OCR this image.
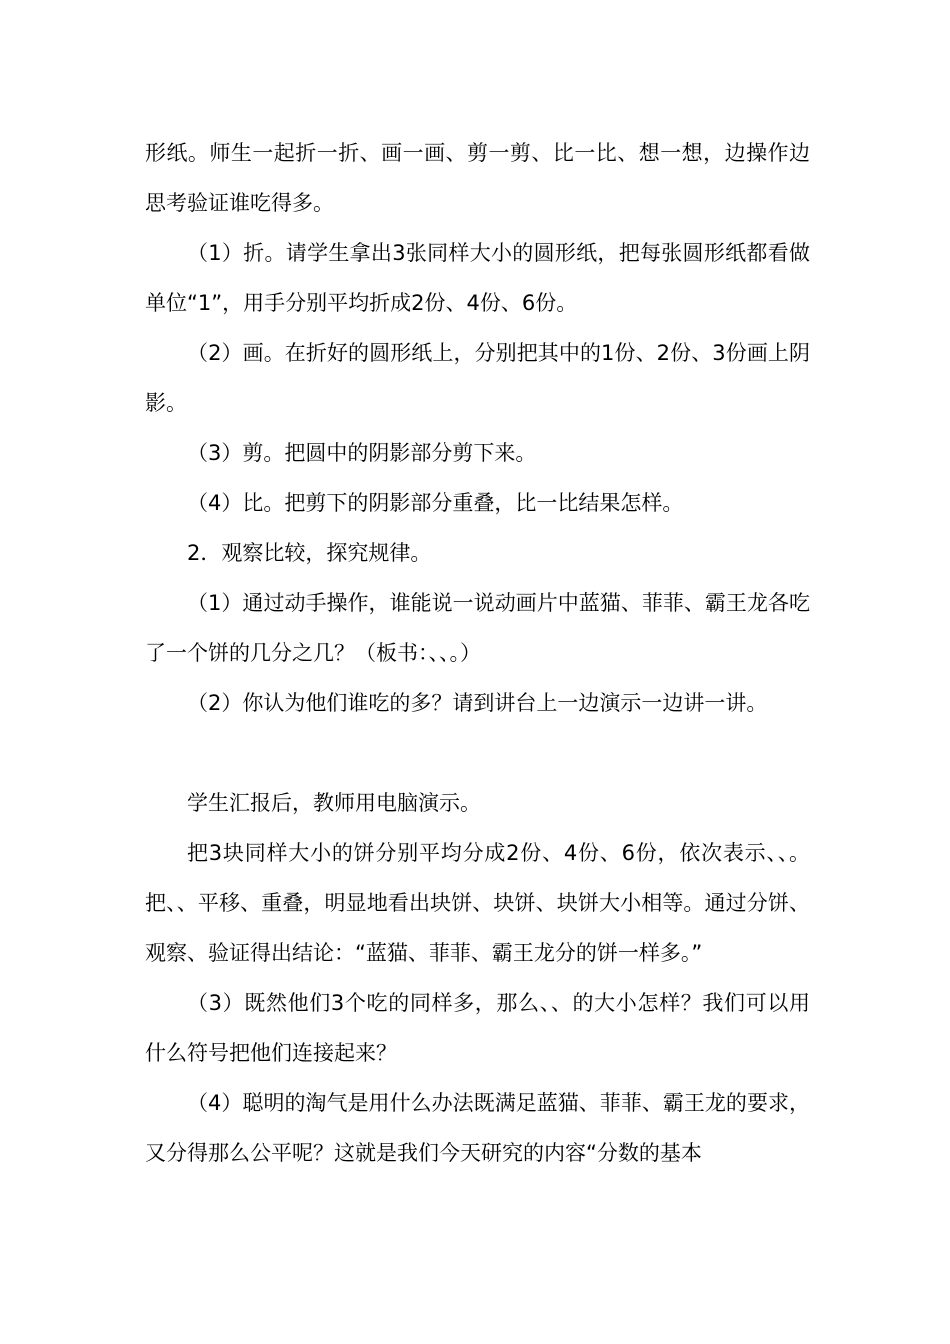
形纸。师生一起折一折、画一画、剪一剪、比一比、想一想，边操作边思考验证谁吃得多。

（1）折。请学生拿出3张同样大小的圆形纸，把每张圆形纸都看做单位“1”，用手分别平均折成2份、4份、6份。

（2）画。在折好的圆形纸上，分别把其中的1份、2份、3份画上阴影。

（3）剪。把圆中的阴影部分剪下来。

（4）比。把剪下的阴影部分重叠，比一比结果怎样。

2．观察比较，探究规律。

（1）通过动手操作，谁能说一说动画片中蓝猫、菲菲、霸王龙各吃了一个饼的几分之几？（板书：、、。）

（2）你认为他们谁吃的多？请到讲台上一边演示一边讲一讲。

学生汇报后，教师用电脑演示。

把3块同样大小的饼分别平均分成2份、4份、6份，依次表示、、。把、、平移、重叠，明显地看出块饼、块饼、块饼大小相等。通过分饼、观察、验证得出结论：“蓝猫、菲菲、霸王龙分的饼一样多。”

（3）既然他们3个吃的同样多，那么、、的大小怎样？我们可以用什么符号把他们连接起来？

（4）聪明的淘气是用什么办法既满足蓝猫、菲菲、霸王龙的要求，又分得那么公平呢？这就是我们今天研究的内容“分数的基本
